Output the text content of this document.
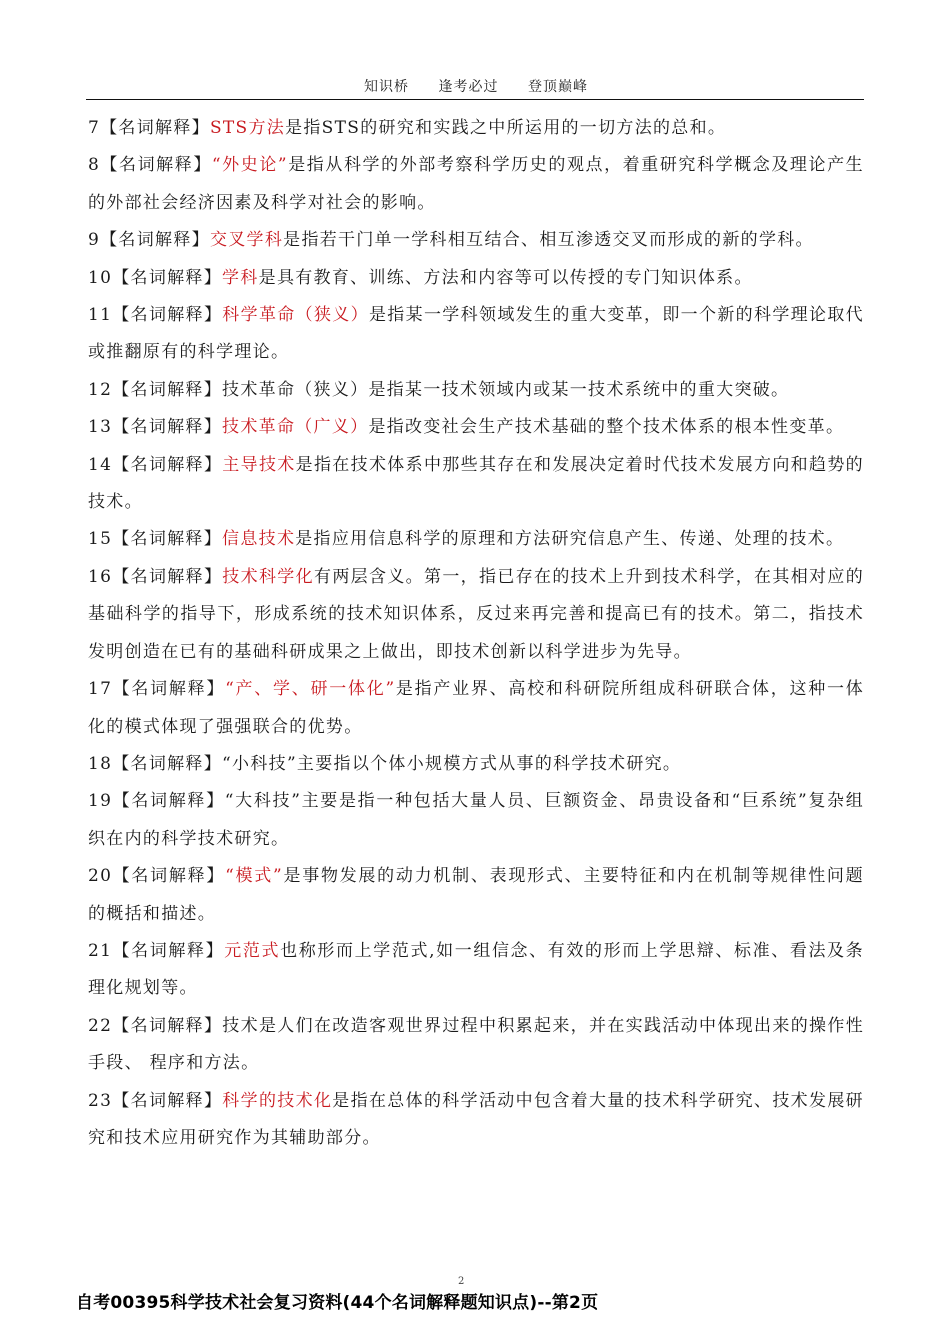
知识桥 逢考必过 登顶巅峰

7【名词解释】STS方法是指STS的研究和实践之中所运用的一切方法的总和。

8【名词解释】“外史论”是指从科学的外部考察科学历史的观点，着重研究科学概念及理论产生的外部社会经济因素及科学对社会的影响。

9【名词解释】交叉学科是指若干门单一学科相互结合、相互渗透交叉而形成的新的学科。

10【名词解释】学科是具有教育、训练、方法和内容等可以传授的专门知识体系。

11【名词解释】科学革命（狭义）是指某一学科领域发生的重大变革，即一个新的科学理论取代或推翻原有的科学理论。

12【名词解释】技术革命（狭义）是指某一技术领域内或某一技术系统中的重大突破。

13【名词解释】技术革命（广义）是指改变社会生产技术基础的整个技术体系的根本性变革。

14【名词解释】主导技术是指在技术体系中那些其存在和发展决定着时代技术发展方向和趋势的技术。

15【名词解释】信息技术是指应用信息科学的原理和方法研究信息产生、传递、处理的技术。

16【名词解释】技术科学化有两层含义。第一，指已存在的技术上升到技术科学，在其相对应的基础科学的指导下，形成系统的技术知识体系，反过来再完善和提高已有的技术。第二，指技术发明创造在已有的基础科研成果之上做出，即技术创新以科学进步为先导。

17【名词解释】“产、学、研一体化”是指产业界、高校和科研院所组成科研联合体，这种一体化的模式体现了强强联合的优势。

18【名词解释】“小科技”主要指以个体小规模方式从事的科学技术研究。

19【名词解释】“大科技”主要是指一种包括大量人员、巨额资金、昂贵设备和“巨系统”复杂组织在内的科学技术研究。

20【名词解释】“模式”是事物发展的动力机制、表现形式、主要特征和内在机制等规律性问题的概括和描述。

21【名词解释】元范式也称形而上学范式,如一组信念、有效的形而上学思辯、标准、看法及条理化规划等。

22【名词解释】技术是人们在改造客观世界过程中积累起来，并在实践活动中体现出来的操作性手段、 程序和方法。

23【名词解释】科学的技术化是指在总体的科学活动中包含着大量的技术科学研究、技术发展研究和技术应用研究作为其辅助部分。

2
自考00395科学技术社会复习资料(44个名词解释题知识点)--第2页
